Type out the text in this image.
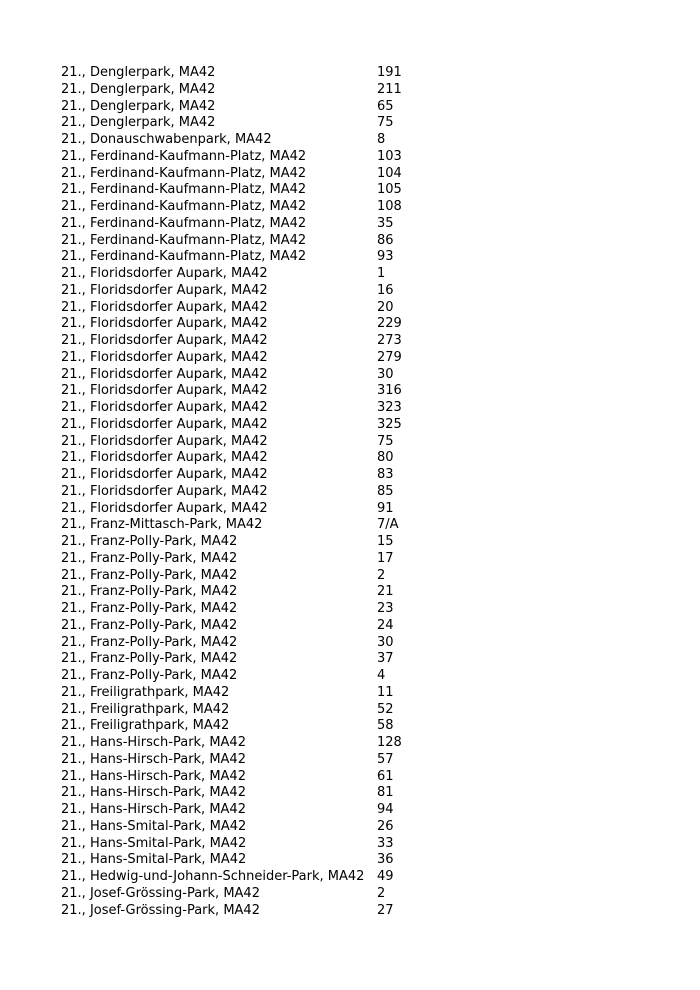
21., Denglerpark, MA42	191
21., Denglerpark, MA42	211
21., Denglerpark, MA42	65
21., Denglerpark, MA42	75
21., Donauschwabenpark, MA42	8
21., Ferdinand-Kaufmann-Platz, MA42	103
21., Ferdinand-Kaufmann-Platz, MA42	104
21., Ferdinand-Kaufmann-Platz, MA42	105
21., Ferdinand-Kaufmann-Platz, MA42	108
21., Ferdinand-Kaufmann-Platz, MA42	35
21., Ferdinand-Kaufmann-Platz, MA42	86
21., Ferdinand-Kaufmann-Platz, MA42	93
21., Floridsdorfer Aupark, MA42	1
21., Floridsdorfer Aupark, MA42	16
21., Floridsdorfer Aupark, MA42	20
21., Floridsdorfer Aupark, MA42	229
21., Floridsdorfer Aupark, MA42	273
21., Floridsdorfer Aupark, MA42	279
21., Floridsdorfer Aupark, MA42	30
21., Floridsdorfer Aupark, MA42	316
21., Floridsdorfer Aupark, MA42	323
21., Floridsdorfer Aupark, MA42	325
21., Floridsdorfer Aupark, MA42	75
21., Floridsdorfer Aupark, MA42	80
21., Floridsdorfer Aupark, MA42	83
21., Floridsdorfer Aupark, MA42	85
21., Floridsdorfer Aupark, MA42	91
21., Franz-Mittasch-Park, MA42	7/A
21., Franz-Polly-Park, MA42	15
21., Franz-Polly-Park, MA42	17
21., Franz-Polly-Park, MA42	2
21., Franz-Polly-Park, MA42	21
21., Franz-Polly-Park, MA42	23
21., Franz-Polly-Park, MA42	24
21., Franz-Polly-Park, MA42	30
21., Franz-Polly-Park, MA42	37
21., Franz-Polly-Park, MA42	4
21., Freiligrathpark, MA42	11
21., Freiligrathpark, MA42	52
21., Freiligrathpark, MA42	58
21., Hans-Hirsch-Park, MA42	128
21., Hans-Hirsch-Park, MA42	57
21., Hans-Hirsch-Park, MA42	61
21., Hans-Hirsch-Park, MA42	81
21., Hans-Hirsch-Park, MA42	94
21., Hans-Smital-Park, MA42	26
21., Hans-Smital-Park, MA42	33
21., Hans-Smital-Park, MA42	36
21., Hedwig-und-Johann-Schneider-Park, MA42 49
21., Josef-Grössing-Park, MA42	2
21., Josef-Grössing-Park, MA42	27
